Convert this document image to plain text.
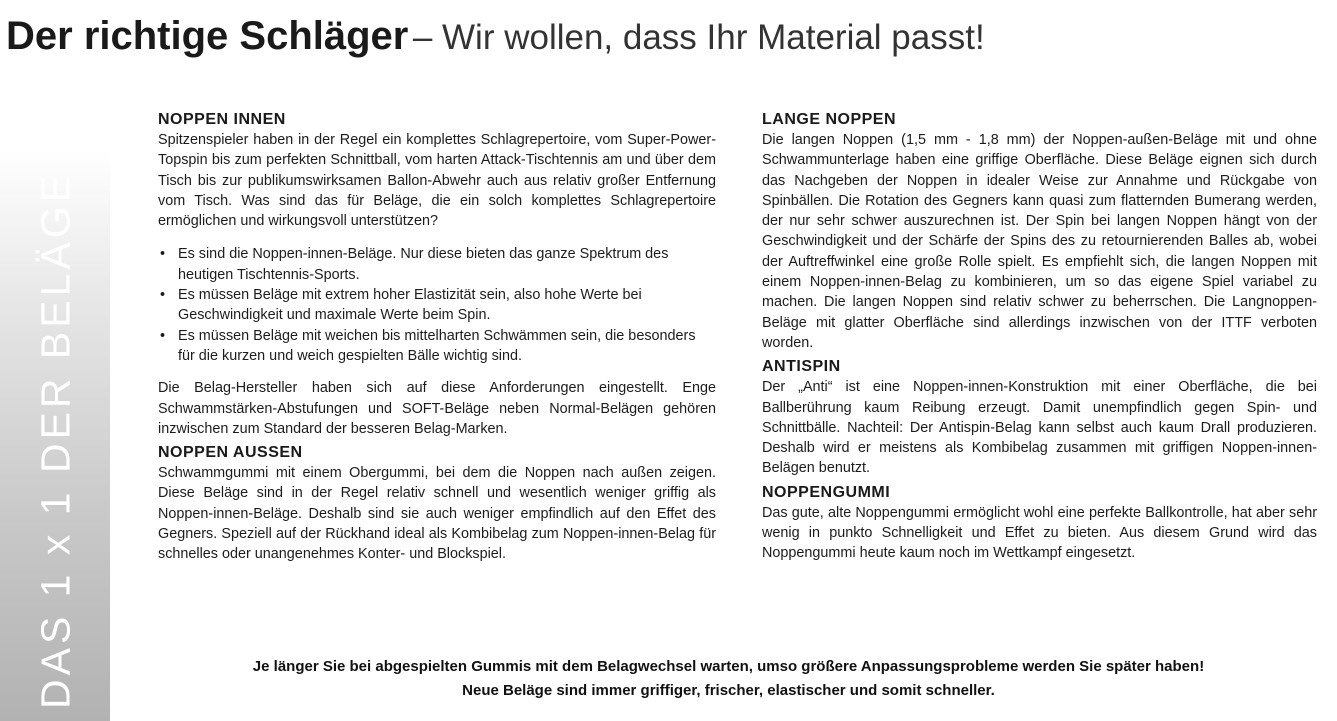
Der richtige Schläger – Wir wollen, dass Ihr Material passt!
DAS 1 x 1 DER BELÄGE
NOPPEN INNEN

Spitzenspieler haben in der Regel ein komplettes Schlagrepertoire, vom Super-Power-Topspin bis zum perfekten Schnittball, vom harten Attack-Tischtennis am und über dem Tisch bis zur publikumswirksamen Ballon-Abwehr auch aus relativ großer Entfernung vom Tisch. Was sind das für Beläge, die ein solch komplettes Schlagrepertoire ermöglichen und wirkungsvoll unterstützen?

• Es sind die Noppen-innen-Beläge. Nur diese bieten das ganze Spektrum des heutigen Tischtennis-Sports.
• Es müssen Beläge mit extrem hoher Elastizität sein, also hohe Werte bei Geschwindigkeit und maximale Werte beim Spin.
• Es müssen Beläge mit weichen bis mittelharten Schwämmen sein, die besonders für die kurzen und weich gespielten Bälle wichtig sind.

Die Belag-Hersteller haben sich auf diese Anforderungen eingestellt. Enge Schwammstärken-Abstufungen und SOFT-Beläge neben Normal-Belägen gehören inzwischen zum Standard der besseren Belag-Marken.

NOPPEN AUSSEN

Schwammgummi mit einem Obergummi, bei dem die Noppen nach außen zeigen. Diese Beläge sind in der Regel relativ schnell und wesentlich weniger griffig als Noppen-innen-Beläge. Deshalb sind sie auch weniger empfindlich auf den Effet des Gegners. Speziell auf der Rückhand ideal als Kombibelag zum Noppen-innen-Belag für schnelles oder unangenehmes Konter- und Blockspiel.

LANGE NOPPEN

Die langen Noppen (1,5 mm - 1,8 mm) der Noppen-außen-Beläge mit und ohne Schwammunterlage haben eine griffige Oberfläche. Diese Beläge eignen sich durch das Nachgeben der Noppen in idealer Weise zur Annahme und Rückgabe von Spinbällen. Die Rotation des Gegners kann quasi zum flatternden Bumerang werden, der nur sehr schwer auszurechnen ist. Der Spin bei langen Noppen hängt von der Geschwindigkeit und der Schärfe der Spins des zu retournierenden Balles ab, wobei der Auftreffwinkel eine große Rolle spielt. Es empfiehlt sich, die langen Noppen mit einem Noppen-innen-Belag zu kombinieren, um so das eigene Spiel variabel zu machen. Die langen Noppen sind relativ schwer zu beherrschen. Die Langnoppen-Beläge mit glatter Oberfläche sind allerdings inzwischen von der ITTF verboten worden.

ANTISPIN

Der „Anti“ ist eine Noppen-innen-Konstruktion mit einer Oberfläche, die bei Ballberührung kaum Reibung erzeugt. Damit unempfindlich gegen Spin- und Schnittbälle. Nachteil: Der Antispin-Belag kann selbst auch kaum Drall produzieren. Deshalb wird er meistens als Kombibelag zusammen mit griffigen Noppen-innen-Belägen benutzt.

NOPPENGUMMI

Das gute, alte Noppengummi ermöglicht wohl eine perfekte Ballkontrolle, hat aber sehr wenig in punkto Schnelligkeit und Effet zu bieten. Aus diesem Grund wird das Noppengummi heute kaum noch im Wettkampf eingesetzt.

Je länger Sie bei abgespielten Gummis mit dem Belagwechsel warten, umso größere Anpassungsprobleme werden Sie später haben!
Neue Beläge sind immer griffiger, frischer, elastischer und somit schneller.
